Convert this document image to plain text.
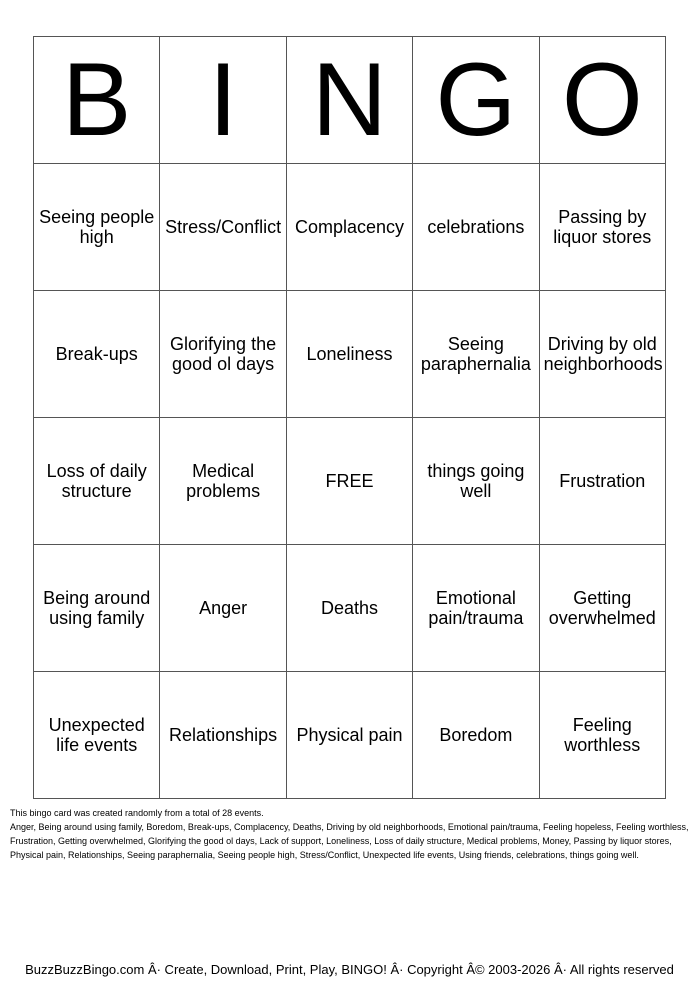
B	I	N	G	O
Seeing people high	Stress/Conflict	Complacency	celebrations	Passing by liquor stores
Break-ups	Glorifying the good ol days	Loneliness	Seeing paraphernalia	Driving by old neighborhoods
Loss of daily structure	Medical problems	FREE	things going well	Frustration
Being around using family	Anger	Deaths	Emotional pain/trauma	Getting overwhelmed
Unexpected life events	Relationships	Physical pain	Boredom	Feeling worthless
This bingo card was created randomly from a total of 28 events.
Anger, Being around using family, Boredom, Break-ups, Complacency, Deaths, Driving by old neighborhoods, Emotional pain/trauma, Feeling hopeless, Feeling worthless, Frustration, Getting overwhelmed, Glorifying the good ol days, Lack of support, Loneliness, Loss of daily structure, Medical problems, Money, Passing by liquor stores, Physical pain, Relationships, Seeing paraphernalia, Seeing people high, Stress/Conflict, Unexpected life events, Using friends, celebrations, things going well.
BuzzBuzzBingo.com Â· Create, Download, Print, Play, BINGO! Â· Copyright Â© 2003-2026 Â· All rights reserved
